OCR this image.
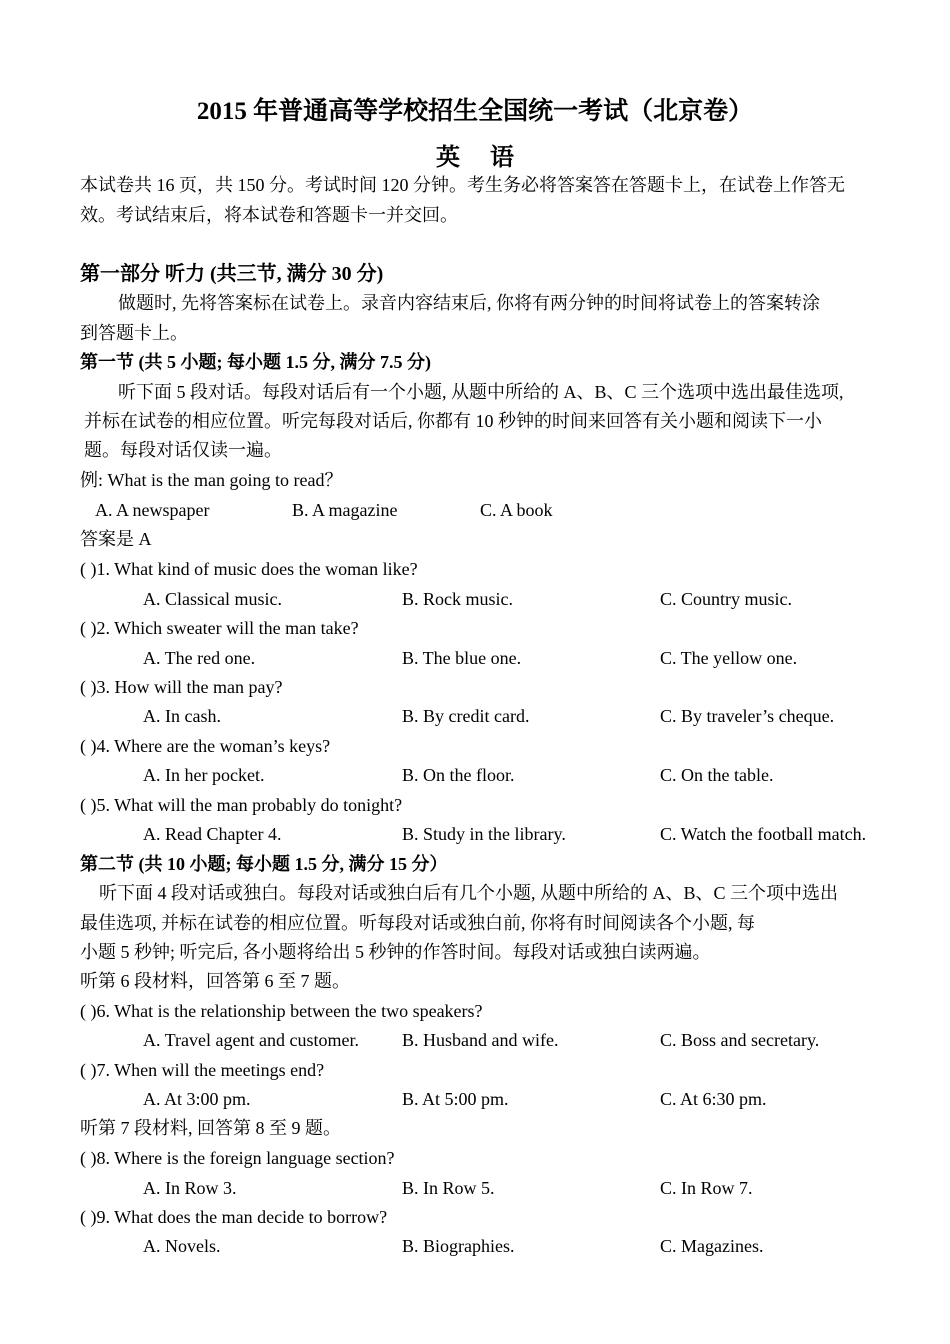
2015 年普通高等学校招生全国统一考试（北京卷）
英 语
本试卷共 16 页，共 150 分。考试时间 120 分钟。考生务必将答案答在答题卡上，在试卷上作答无
效。考试结束后，将本试卷和答题卡一并交回。
第一部分 听力 (共三节, 满分 30 分)
做题时, 先将答案标在试卷上。录音内容结束后, 你将有两分钟的时间将试卷上的答案转涂
到答题卡上。
第一节 (共 5 小题; 每小题 1.5 分, 满分 7.5 分)
听下面 5 段对话。每段对话后有一个小题, 从题中所给的 A、B、C 三个选项中选出最佳选项,
并标在试卷的相应位置。听完每段对话后, 你都有 10 秒钟的时间来回答有关小题和阅读下一小
题。每段对话仅读一遍。
例: What is the man going to read？
A. A newspaper	B. A magazine	C. A book
答案是 A
( )1. What kind of music does the woman like?
A. Classical music.	B. Rock music.	C. Country music.
( )2. Which sweater will the man take?
A. The red one.	B. The blue one.	C. The yellow one.
( )3. How will the man pay?
A. In cash.	B. By credit card.	C. By traveler’s cheque.
( )4. Where are the woman’s keys?
A. In her pocket.	B. On the floor.	C. On the table.
( )5. What will the man probably do tonight?
A. Read Chapter 4.	B. Study in the library.	C. Watch the football match.
第二节 (共 10 小题; 每小题 1.5 分, 满分 15 分）
听下面 4 段对话或独白。每段对话或独白后有几个小题, 从题中所给的 A、B、C 三个项中选出
最佳选项, 并标在试卷的相应位置。听每段对话或独白前, 你将有时间阅读各个小题, 每
小题 5 秒钟; 听完后, 各小题将给出 5 秒钟的作答时间。每段对话或独白读两遍。
听第 6 段材料，回答第 6 至 7 题。
( )6. What is the relationship between the two speakers?
A. Travel agent and customer. B. Husband and wife.	C. Boss and secretary.
( )7. When will the meetings end?
A. At 3:00 pm.	B. At 5:00 pm.	C. At 6:30 pm.
听第 7 段材料, 回答第 8 至 9 题。
( )8. Where is the foreign language section?
A. In Row 3.	B. In Row 5.	C. In Row 7.
( )9. What does the man decide to borrow?
A. Novels.	B. Biographies.	C. Magazines.
